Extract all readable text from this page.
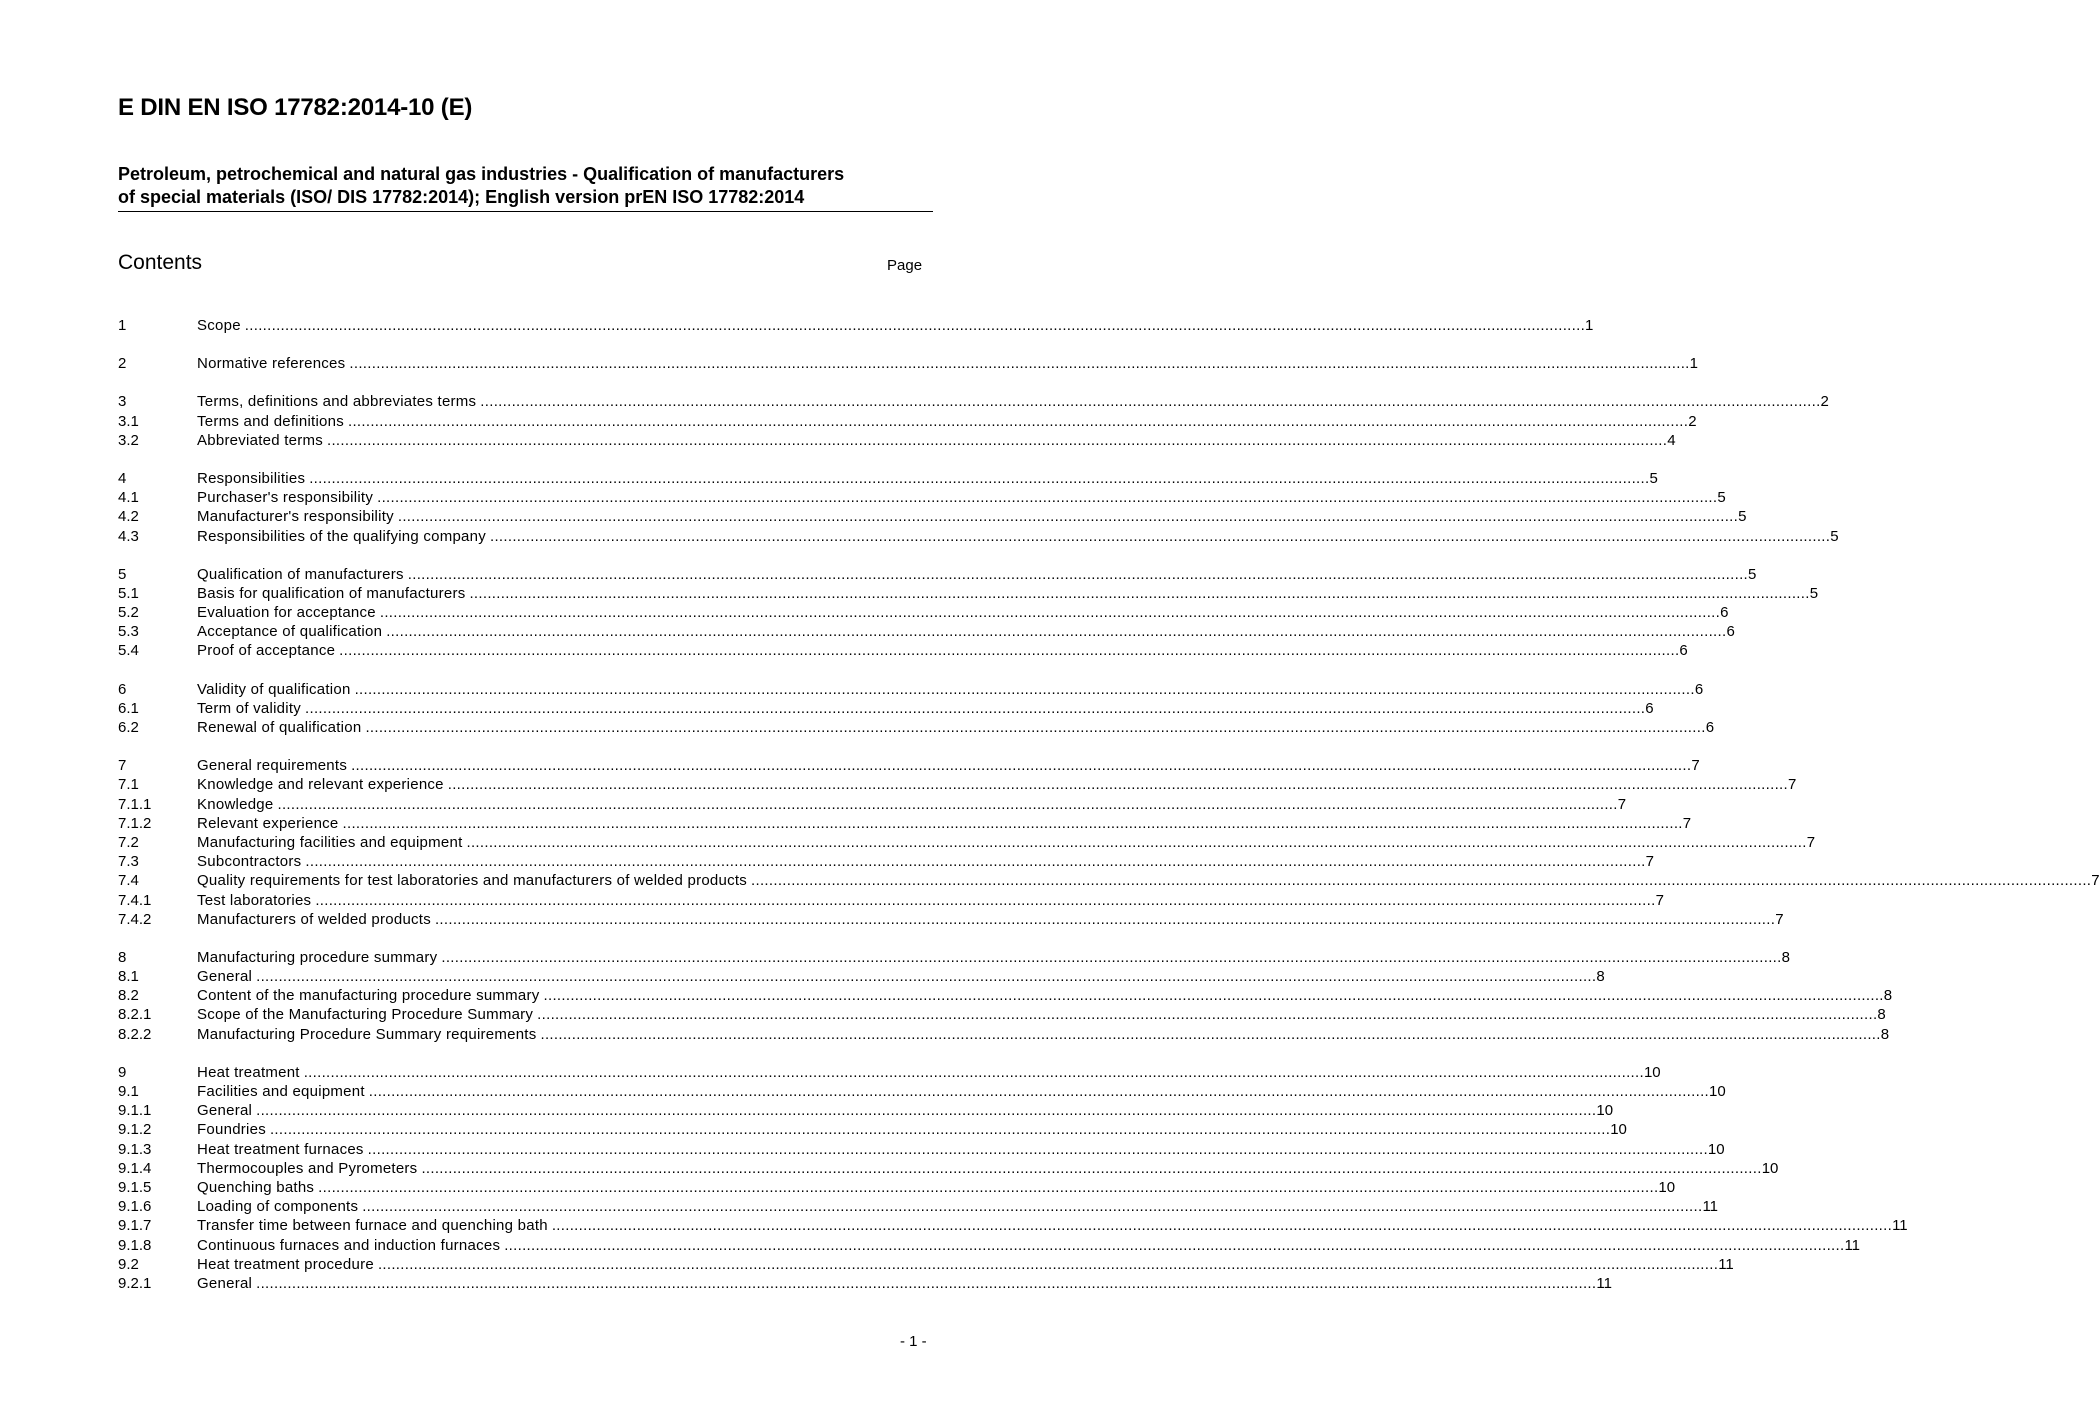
E DIN EN ISO 17782:2014-10 (E)
Petroleum, petrochemical and natural gas industries - Qualification of manufacturers
of special materials (ISO/ DIS 17782:2014); English version prEN ISO 17782:2014
Contents	Page
1	Scope ............................................................................................................................................................................................................................................................................................................ 1
2	Normative references ............................................................................................................................................................................................................................................................................................................ 1
3	Terms, definitions and abbreviates terms ............................................................................................................................................................................................................................................................................................................ 2
3.1	Terms and definitions ............................................................................................................................................................................................................................................................................................................ 2
3.2	Abbreviated terms ............................................................................................................................................................................................................................................................................................................ 4
4	Responsibilities ............................................................................................................................................................................................................................................................................................................ 5
4.1	Purchaser's responsibility ............................................................................................................................................................................................................................................................................................................ 5
4.2	Manufacturer's responsibility ............................................................................................................................................................................................................................................................................................................ 5
4.3	Responsibilities of the qualifying company ............................................................................................................................................................................................................................................................................................................ 5
5	Qualification of manufacturers ............................................................................................................................................................................................................................................................................................................ 5
5.1	Basis for qualification of manufacturers ............................................................................................................................................................................................................................................................................................................ 5
5.2	Evaluation for acceptance ............................................................................................................................................................................................................................................................................................................ 6
5.3	Acceptance of qualification ............................................................................................................................................................................................................................................................................................................ 6
5.4	Proof of acceptance ............................................................................................................................................................................................................................................................................................................ 6
6	Validity of qualification ............................................................................................................................................................................................................................................................................................................ 6
6.1	Term of validity ............................................................................................................................................................................................................................................................................................................ 6
6.2	Renewal of qualification ............................................................................................................................................................................................................................................................................................................ 6
7	General requirements ............................................................................................................................................................................................................................................................................................................ 7
7.1	Knowledge and relevant experience ............................................................................................................................................................................................................................................................................................................ 7
7.1.1	Knowledge ............................................................................................................................................................................................................................................................................................................ 7
7.1.2	Relevant experience ............................................................................................................................................................................................................................................................................................................ 7
7.2	Manufacturing facilities and equipment ............................................................................................................................................................................................................................................................................................................ 7
7.3	Subcontractors ............................................................................................................................................................................................................................................................................................................ 7
7.4	Quality requirements for test laboratories and manufacturers of welded products ............................................................................................................................................................................................................................................................................................................ 7
7.4.1	Test laboratories ............................................................................................................................................................................................................................................................................................................ 7
7.4.2	Manufacturers of welded products ............................................................................................................................................................................................................................................................................................................ 7
8	Manufacturing procedure summary ............................................................................................................................................................................................................................................................................................................ 8
8.1	General ............................................................................................................................................................................................................................................................................................................ 8
8.2	Content of the manufacturing procedure summary ............................................................................................................................................................................................................................................................................................................ 8
8.2.1	Scope of the Manufacturing Procedure Summary ............................................................................................................................................................................................................................................................................................................ 8
8.2.2	Manufacturing Procedure Summary requirements ............................................................................................................................................................................................................................................................................................................ 8
9	Heat treatment ............................................................................................................................................................................................................................................................................................................ 10
9.1	Facilities and equipment ............................................................................................................................................................................................................................................................................................................ 10
9.1.1	General ............................................................................................................................................................................................................................................................................................................ 10
9.1.2	Foundries ............................................................................................................................................................................................................................................................................................................ 10
9.1.3	Heat treatment furnaces ............................................................................................................................................................................................................................................................................................................ 10
9.1.4	Thermocouples and Pyrometers ............................................................................................................................................................................................................................................................................................................ 10
9.1.5	Quenching baths ............................................................................................................................................................................................................................................................................................................ 10
9.1.6	Loading of components ............................................................................................................................................................................................................................................................................................................ 11
9.1.7	Transfer time between furnace and quenching bath ............................................................................................................................................................................................................................................................................................................ 11
9.1.8	Continuous furnaces and induction furnaces ............................................................................................................................................................................................................................................................................................................ 11
9.2	Heat treatment procedure ............................................................................................................................................................................................................................................................................................................ 11
9.2.1	General ............................................................................................................................................................................................................................................................................................................ 11
- 1 -
